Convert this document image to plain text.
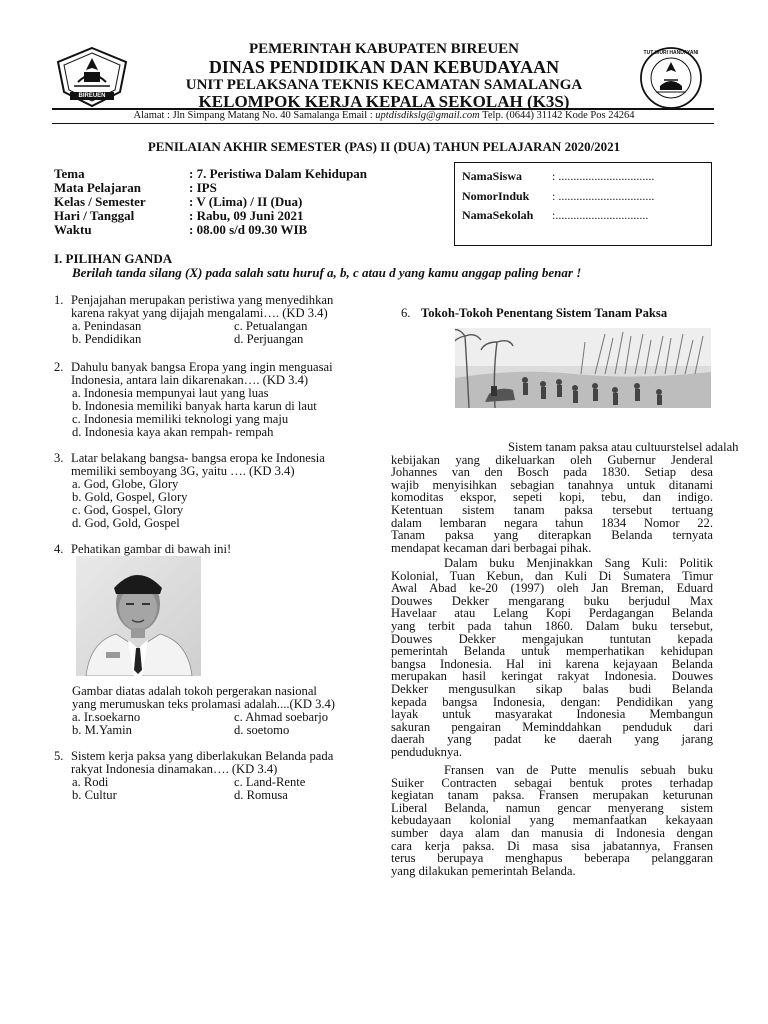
BIREUEN
TUT WURI HANDAYANI
PEMERINTAH KABUPATEN BIREUEN
DINAS PENDIDIKAN DAN KEBUDAYAAN
UNIT PELAKSANA TEKNIS KECAMATAN SAMALANGA
KELOMPOK KERJA KEPALA SEKOLAH (K3S)
Alamat : Jln Simpang Matang No. 40 Samalanga Email : uptdisdikslg@gmail.com Telp. (0644) 31142 Kode Pos 24264
PENILAIAN AKHIR SEMESTER (PAS) II (DUA) TAHUN PELAJARAN 2020/2021
Tema	: 7. Peristiwa Dalam Kehidupan
Mata Pelajaran	: IPS
Kelas / Semester	: V (Lima) / II (Dua)
Hari / Tanggal	: Rabu, 09 Juni 2021
Waktu	: 08.00 s/d 09.30 WIB
NamaSiswa : ................................
NomorInduk : ................................
NamaSekolah :...............................
I. PILIHAN GANDA
Berilah tanda silang (X) pada salah satu huruf a, b, c atau d yang kamu anggap paling benar !
1. Penjajahan merupakan peristiwa yang menyedihkan
karena rakyat yang dijajah mengalami…. (KD 3.4)
a. Penindasan	c. Petualangan
b. Pendidikan	d. Perjuangan
2. Dahulu banyak bangsa Eropa yang ingin menguasai
Indonesia, antara lain dikarenakan…. (KD 3.4)
a. Indonesia mempunyai laut yang luas
b. Indonesia memiliki banyak harta karun di laut
c. Indonesia memiliki teknologi yang maju
d. Indonesia kaya akan rempah- rempah
3. Latar belakang bangsa- bangsa eropa ke Indonesia
memiliki semboyang 3G, yaitu …. (KD 3.4)
a. God, Globe, Glory
b. Gold, Gospel, Glory
c. God, Gospel, Glory
d. God, Gold, Gospel
4. Pehatikan gambar di bawah ini!
Gambar diatas adalah tokoh pergerakan nasional
yang merumuskan teks prolamasi adalah....(KD 3.4)
a. Ir.soekarno	c. Ahmad soebarjo
b. M.Yamin	d. soetomo
5. Sistem kerja paksa yang diberlakukan Belanda pada
rakyat Indonesia dinamakan…. (KD 3.4)
a. Rodi	c. Land-Rente
b. Cultur	d. Romusa
6. Tokoh-Tokoh Penentang Sistem Tanam Paksa

Sistem tanam paksa atau cultuurstelsel adalah

kebijakan yang dikeluarkan oleh Gubernur Jenderal

Johannes van den Bosch pada 1830. Setiap desa

wajib menyisihkan sebagian tanahnya untuk ditanami

komoditas ekspor, sepeti kopi, tebu, dan indigo.

Ketentuan sistem tanam paksa tersebut tertuang

dalam lembaran negara tahun 1834 Nomor 22.

Tanam paksa yang diterapkan Belanda ternyata

mendapat kecaman dari berbagai pihak.

Dalam buku Menjinakkan Sang Kuli: Politik

Kolonial, Tuan Kebun, dan Kuli Di Sumatera Timur

Awal Abad ke-20 (1997) oleh Jan Breman, Eduard

Douwes Dekker mengarang buku berjudul Max

Havelaar atau Lelang Kopi Perdagangan Belanda

yang terbit pada tahun 1860. Dalam buku tersebut,

Douwes Dekker mengajukan tuntutan kepada

pemerintah Belanda untuk memperhatikan kehidupan

bangsa Indonesia. Hal ini karena kejayaan Belanda

merupakan hasil keringat rakyat Indonesia. Douwes

Dekker mengusulkan sikap balas budi Belanda

kepada bangsa Indonesia, dengan: Pendidikan yang

layak untuk masyarakat Indonesia Membangun

sakuran pengairan Meminddahkan penduduk dari

daerah yang padat ke daerah yang jarang

penduduknya.

Fransen van de Putte menulis sebuah buku

Suiker Contracten sebagai bentuk protes terhadap

kegiatan tanam paksa. Fransen merupakan keturunan

Liberal Belanda, namun gencar menyerang sistem

kebudayaan kolonial yang memanfaatkan kekayaan

sumber daya alam dan manusia di Indonesia dengan

cara kerja paksa. Di masa sisa jabatannya, Fransen

terus berupaya menghapus beberapa pelanggaran

yang dilakukan pemerintah Belanda.
